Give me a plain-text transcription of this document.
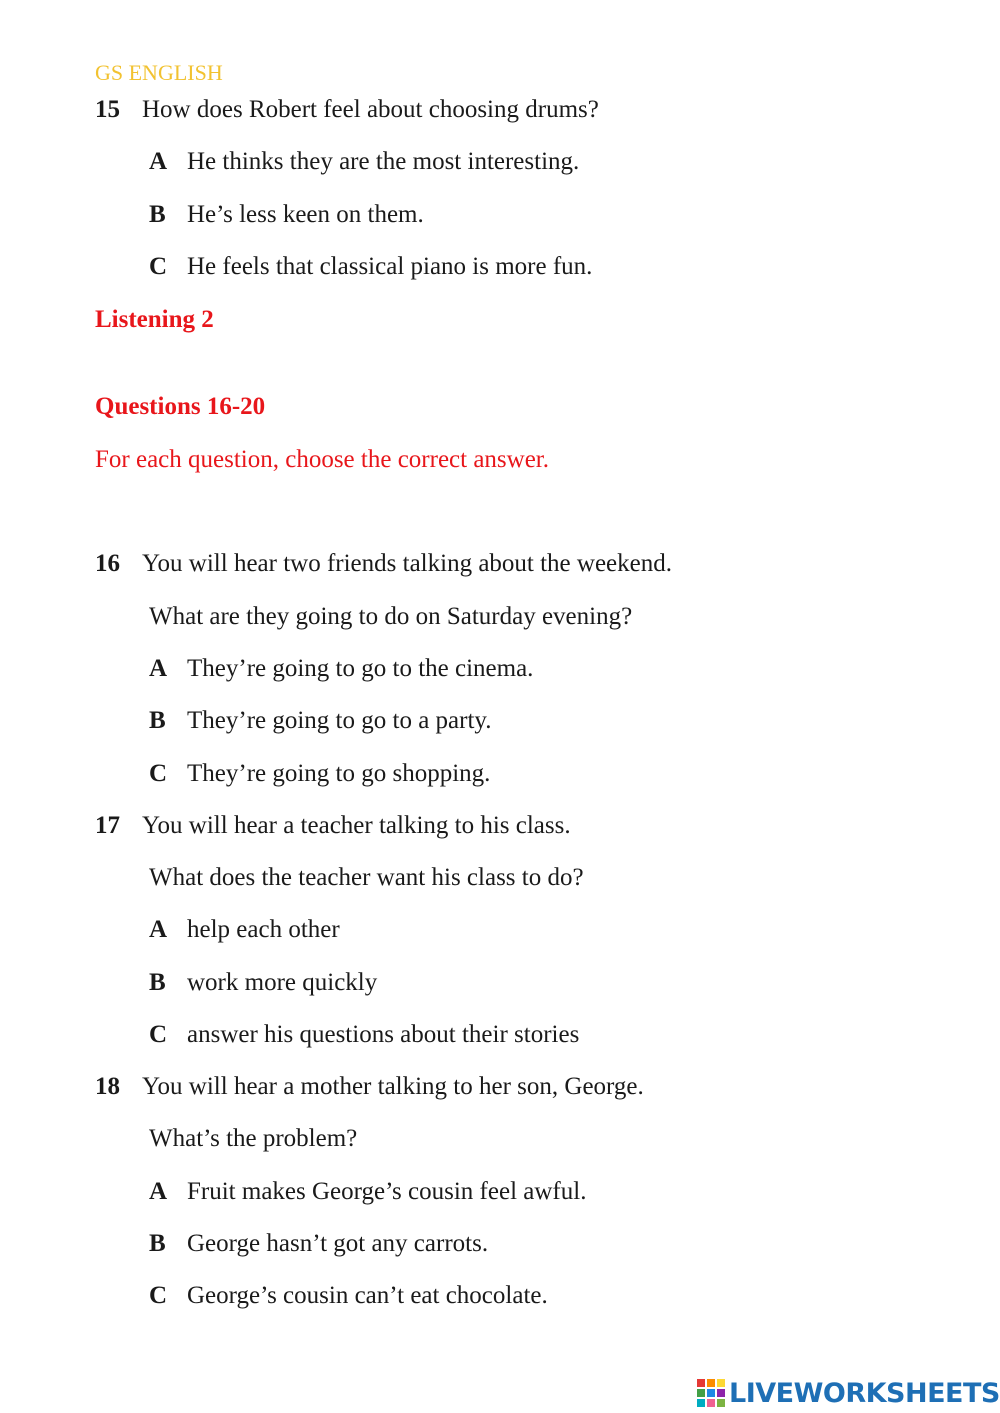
GS ENGLISH
15 How does Robert feel about choosing drums?
A He thinks they are the most interesting.
B He’s less keen on them.
C He feels that classical piano is more fun.
Listening 2
Questions 16-20
For each question, choose the correct answer.
16 You will hear two friends talking about the weekend.
What are they going to do on Saturday evening?
A They’re going to go to the cinema.
B They’re going to go to a party.
C They’re going to go shopping.
17 You will hear a teacher talking to his class.
What does the teacher want his class to do?
A help each other
B work more quickly
C answer his questions about their stories
18 You will hear a mother talking to her son, George.
What’s the problem?
A Fruit makes George’s cousin feel awful.
B George hasn’t got any carrots.
C George’s cousin can’t eat chocolate.
LIVEWORKSHEETS
